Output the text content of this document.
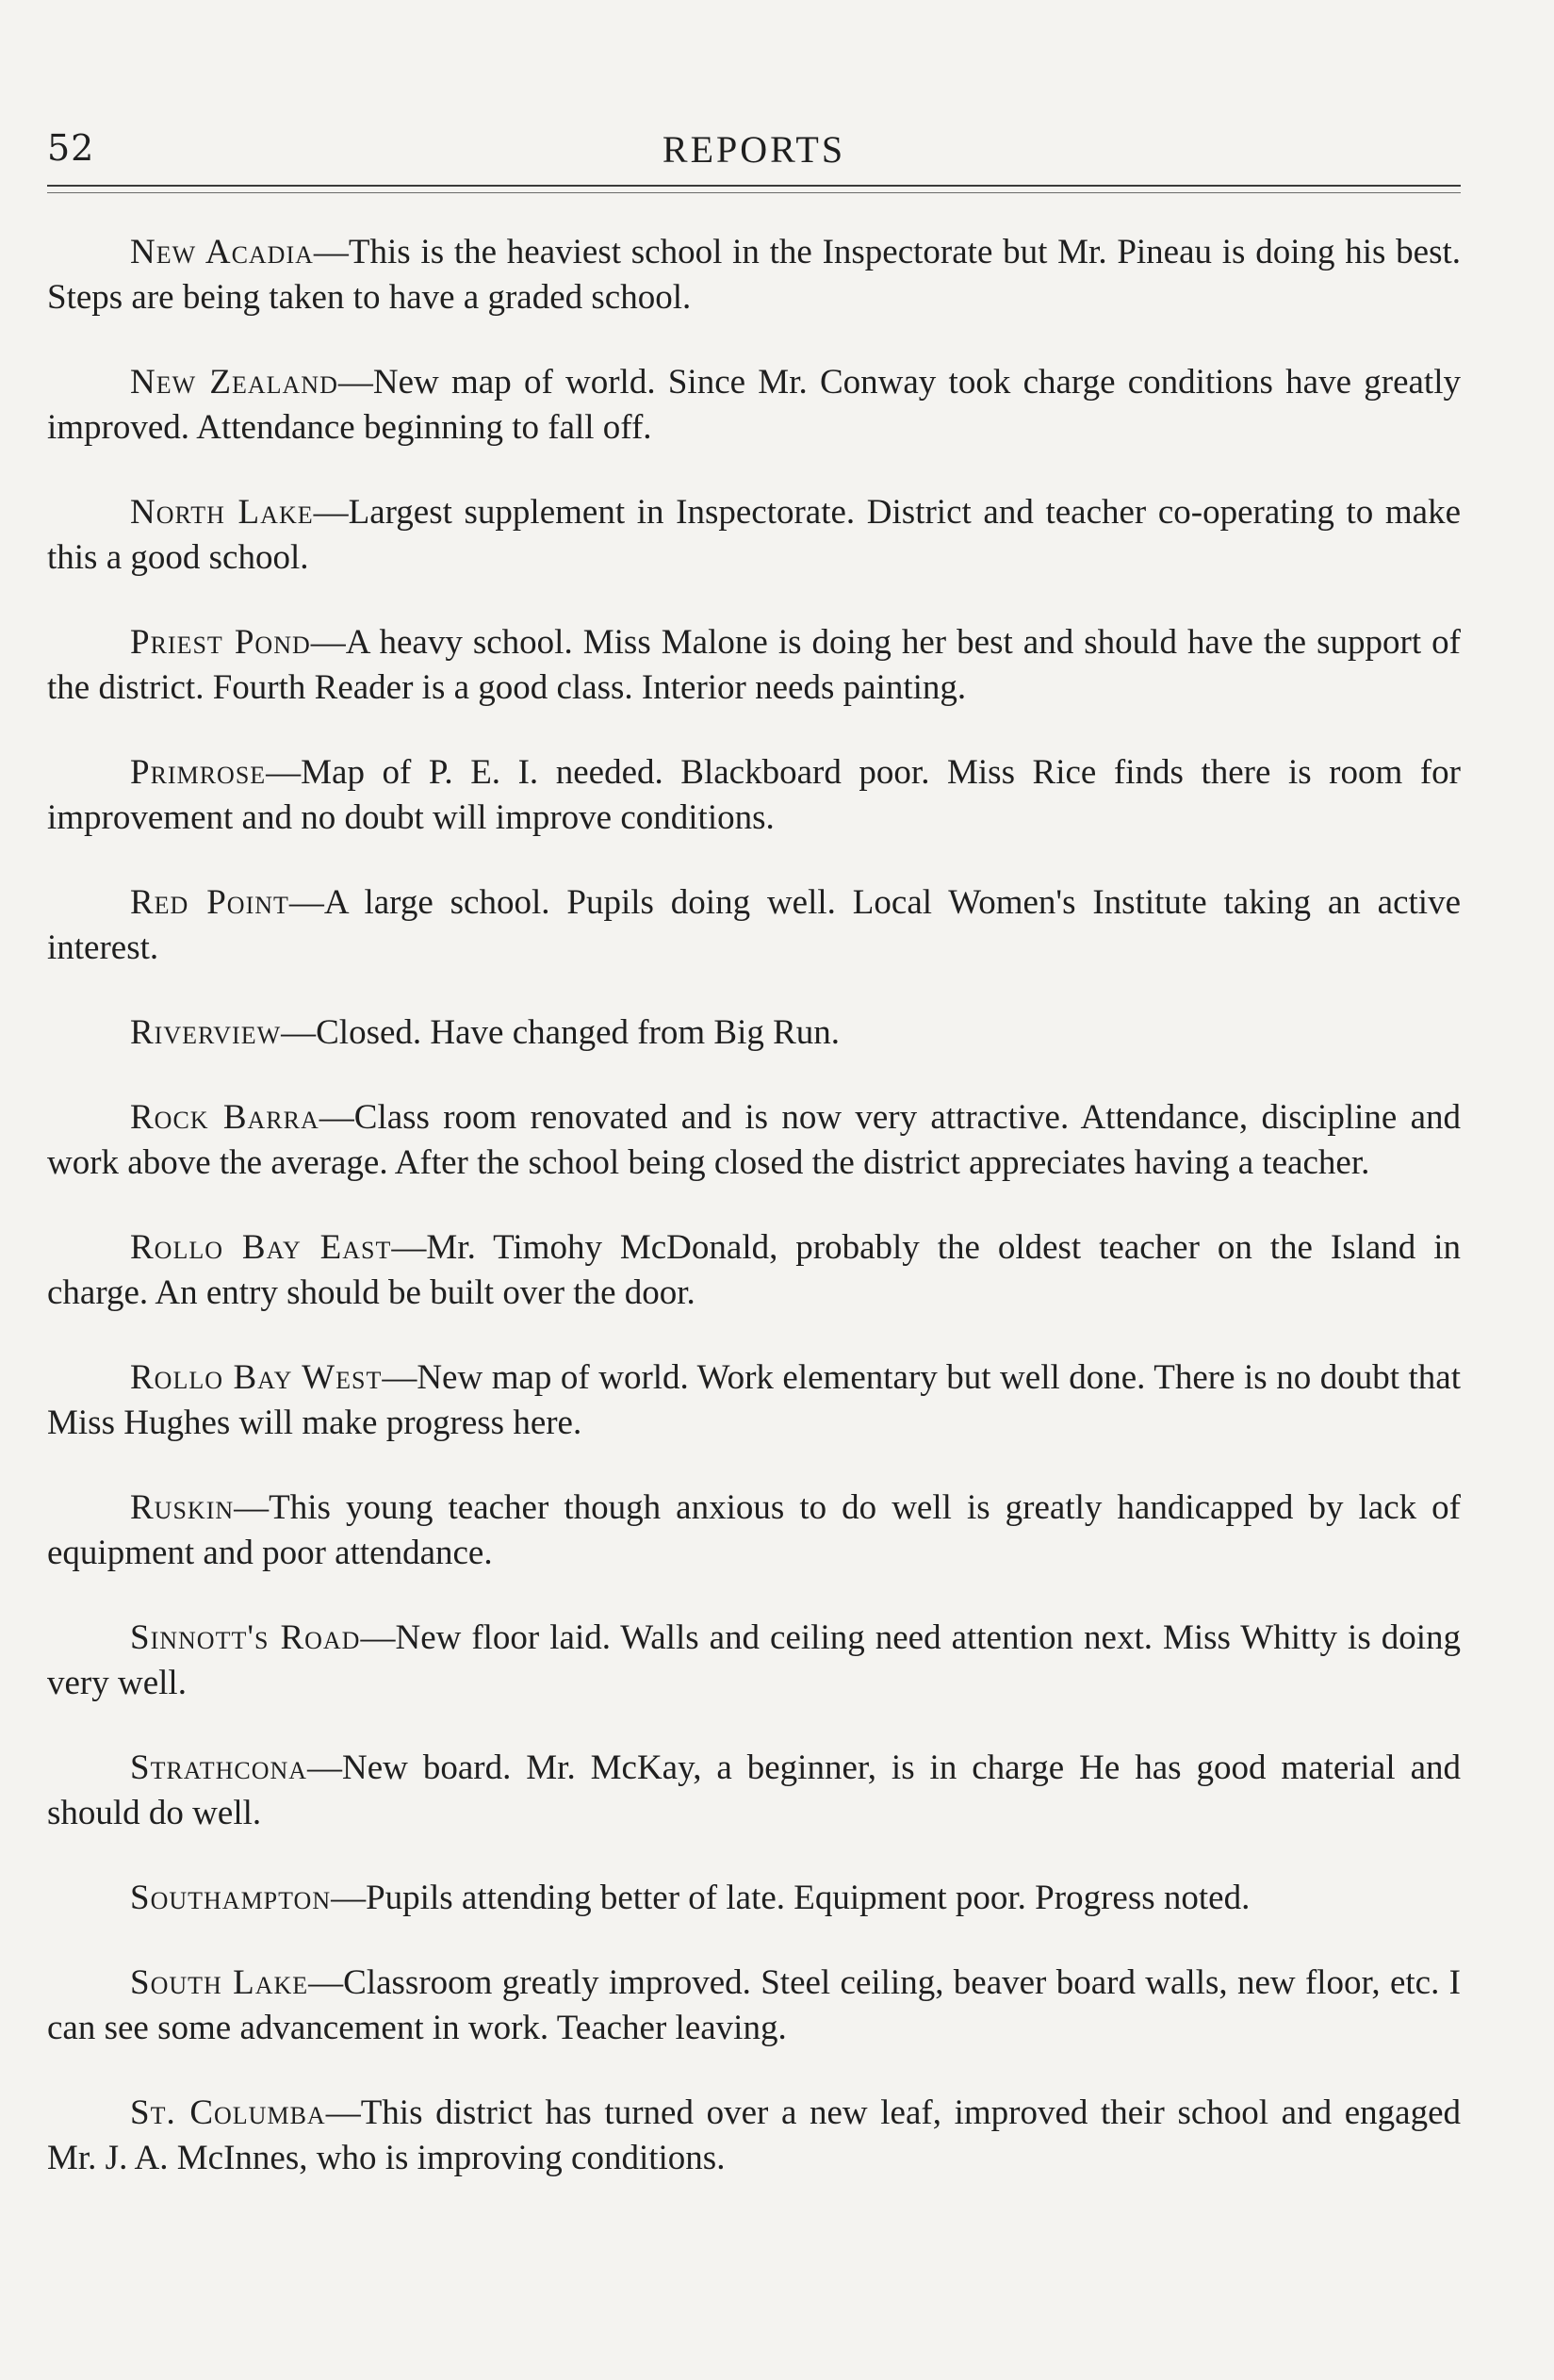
52	REPORTS

New Acadia—This is the heaviest school in the Inspectorate but Mr. Pineau is doing his best. Steps are being taken to have a graded school.

New Zealand—New map of world. Since Mr. Conway took charge conditions have greatly improved. Attendance beginning to fall off.

North Lake—Largest supplement in Inspectorate. District and teacher co-operating to make this a good school.

Priest Pond—A heavy school. Miss Malone is doing her best and should have the support of the district. Fourth Reader is a good class. Interior needs painting.

Primrose—Map of P. E. I. needed. Blackboard poor. Miss Rice finds there is room for improvement and no doubt will improve conditions.

Red Point—A large school. Pupils doing well. Local Women's Institute taking an active interest.

Riverview—Closed. Have changed from Big Run.

Rock Barra—Class room renovated and is now very attractive. Attendance, discipline and work above the average. After the school being closed the district appreciates having a teacher.

Rollo Bay East—Mr. Timohy McDonald, probably the oldest teacher on the Island in charge. An entry should be built over the door.

Rollo Bay West—New map of world. Work elementary but well done. There is no doubt that Miss Hughes will make progress here.

Ruskin—This young teacher though anxious to do well is greatly handicapped by lack of equipment and poor attendance.

Sinnott's Road—New floor laid. Walls and ceiling need attention next. Miss Whitty is doing very well.

Strathcona—New board. Mr. McKay, a beginner, is in charge He has good material and should do well.

Southampton—Pupils attending better of late. Equipment poor. Progress noted.

South Lake—Classroom greatly improved. Steel ceiling, beaver board walls, new floor, etc. I can see some advancement in work. Teacher leaving.

St. Columba—This district has turned over a new leaf, improved their school and engaged Mr. J. A. McInnes, who is improving conditions.
